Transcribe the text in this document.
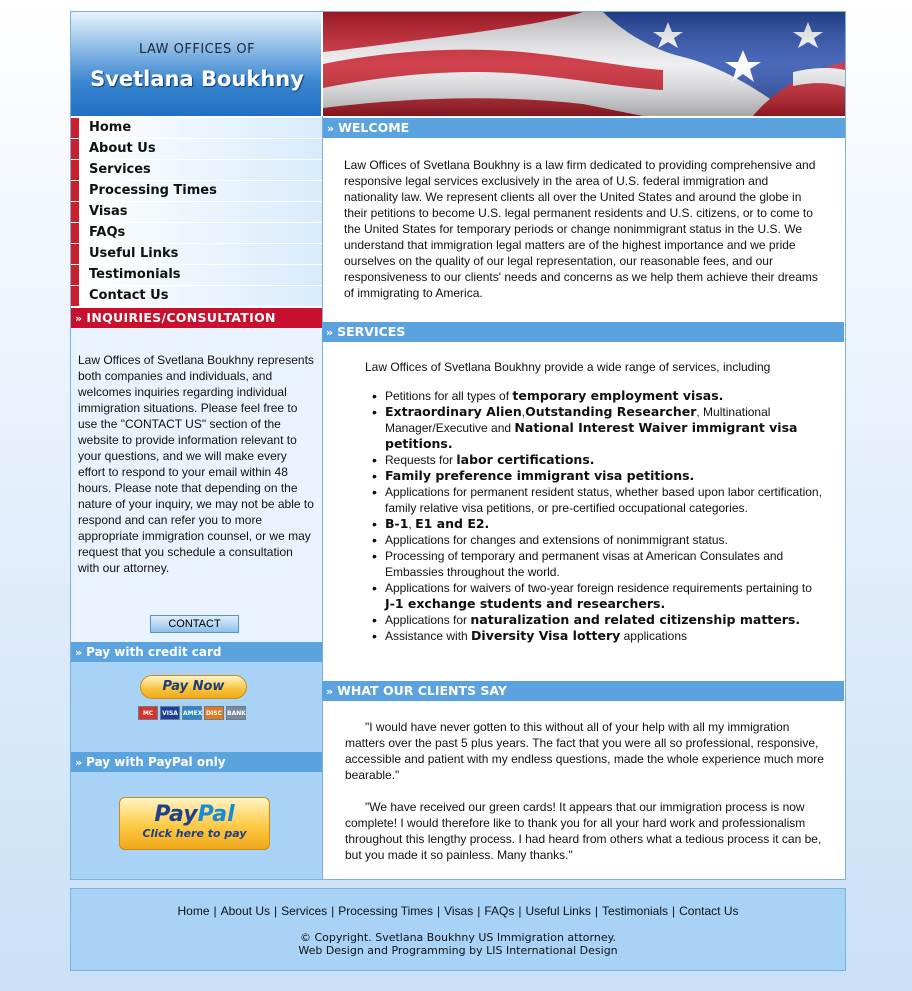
LAW OFFICES OF
Svetlana Boukhny
Home
About Us
Services
Processing Times
Visas
FAQs
Useful Links
Testimonials
Contact Us
» INQUIRIES/CONSULTATION
Law Offices of Svetlana Boukhny represents both companies and individuals, and welcomes inquiries regarding individual immigration situations. Please feel free to use the "CONTACT US" section of the website to provide information relevant to your questions, and we will make every effort to respond to your email within 48 hours. Please note that depending on the nature of your inquiry, we may not be able to respond and can refer you to more appropriate immigration counsel, or we may request that you schedule a consultation with our attorney.
CONTACT
» Pay with credit card
Pay Now
MC	VISA AMEX DISC BANK
» Pay with PayPal only
PayPal
Click here to pay
» WELCOME
Law Offices of Svetlana Boukhny is a law firm dedicated to providing comprehensive and responsive legal services exclusively in the area of U.S. federal immigration and nationality law. We represent clients all over the United States and around the globe in their petitions to become U.S. legal permanent residents and U.S. citizens, or to come to the United States for temporary periods or change nonimmigrant status in the U.S. We understand that immigration legal matters are of the highest importance and we pride ourselves on the quality of our legal representation, our reasonable fees, and our responsiveness to our clients' needs and concerns as we help them achieve their dreams of immigrating to America.
» SERVICES
Law Offices of Svetlana Boukhny provide a wide range of services, including
• Petitions for all types of temporary employment visas.
• Extraordinary Alien,Outstanding Researcher, Multinational Manager/Executive and National Interest Waiver immigrant visa petitions.
• Requests for labor certifications.
• Family preference immigrant visa petitions.
• Applications for permanent resident status, whether based upon labor certification, family relative visa petitions, or pre-certified occupational categories.
• B-1, E1 and E2.
• Applications for changes and extensions of nonimmigrant status.
• Processing of temporary and permanent visas at American Consulates and Embassies throughout the world.
• Applications for waivers of two-year foreign residence requirements pertaining to J-1 exchange students and researchers.
• Applications for naturalization and related citizenship matters.
• Assistance with Diversity Visa lottery applications
» WHAT OUR CLIENTS SAY

"I would have never gotten to this without all of your help with all my immigration matters over the past 5 plus years. The fact that you were all so professional, responsive, accessible and patient with my endless questions, made the whole experience much more bearable."

"We have received our green cards! It appears that our immigration process is now complete! I would therefore like to thank you for all your hard work and professionalism throughout this lengthy process. I had heard from others what a tedious process it can be, but you made it so painless. Many thanks."

Home | About Us | Services | Processing Times | Visas | FAQs | Useful Links | Testimonials | Contact Us
© Copyright. Svetlana Boukhny US Immigration attorney.
Web Design and Programming by LIS International Design
